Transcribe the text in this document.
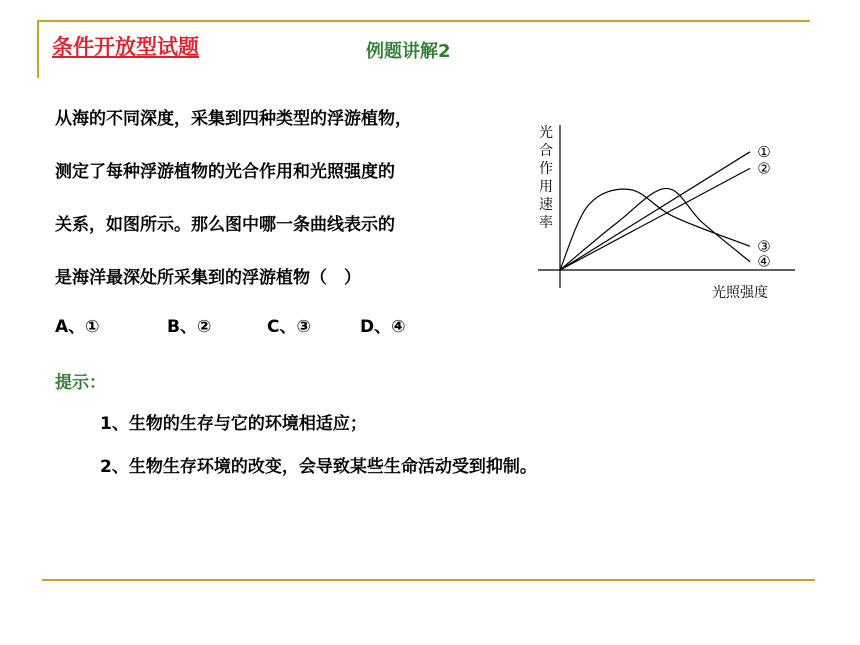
条件开放型试题	例题讲解2
从海的不同深度，采集到四种类型的浮游植物，
测定了每种浮游植物的光合作用和光照强度的
关系，如图所示。那么图中哪一条曲线表示的
是海洋最深处所采集到的浮游植物（　）
A、①	B、②	C、③	D、④
提示：
1、生物的生存与它的环境相适应；
2、生物生存环境的改变，会导致某些生命活动受到抑制。
光
合
作
用
速
率
光照强度
①
②
③
④
